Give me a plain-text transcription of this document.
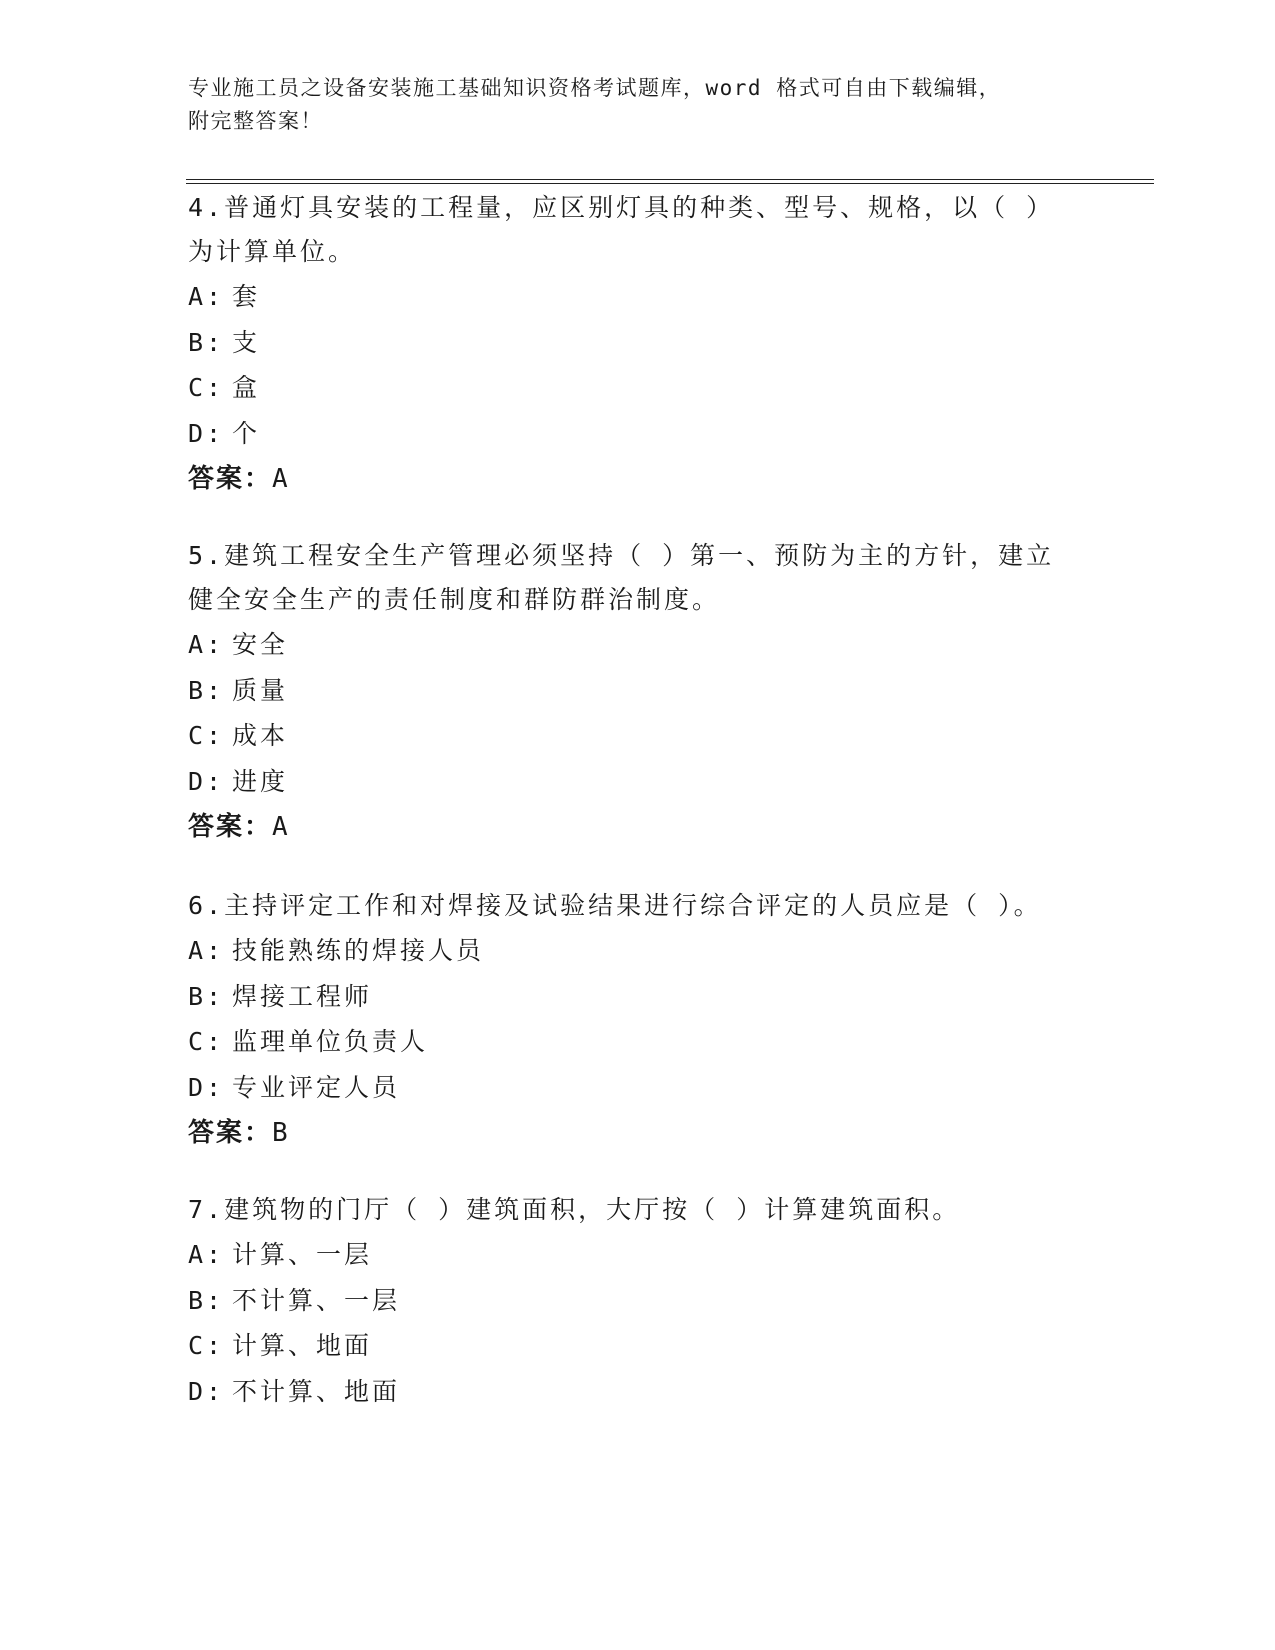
专业施工员之设备安装施工基础知识资格考试题库，word 格式可自由下载编辑，
附完整答案！
4.普通灯具安装的工程量，应区别灯具的种类、型号、规格，以（ ）
为计算单位。
A: 套
B: 支
C: 盒
D: 个
答案：A
5.建筑工程安全生产管理必须坚持（ ）第一、预防为主的方针，建立
健全安全生产的责任制度和群防群治制度。
A: 安全
B: 质量
C: 成本
D: 进度
答案：A
6.主持评定工作和对焊接及试验结果进行综合评定的人员应是（ ）。
A: 技能熟练的焊接人员
B: 焊接工程师
C: 监理单位负责人
D: 专业评定人员
答案：B
7.建筑物的门厅（ ）建筑面积，大厅按（ ）计算建筑面积。
A: 计算、一层
B: 不计算、一层
C: 计算、地面
D: 不计算、地面
